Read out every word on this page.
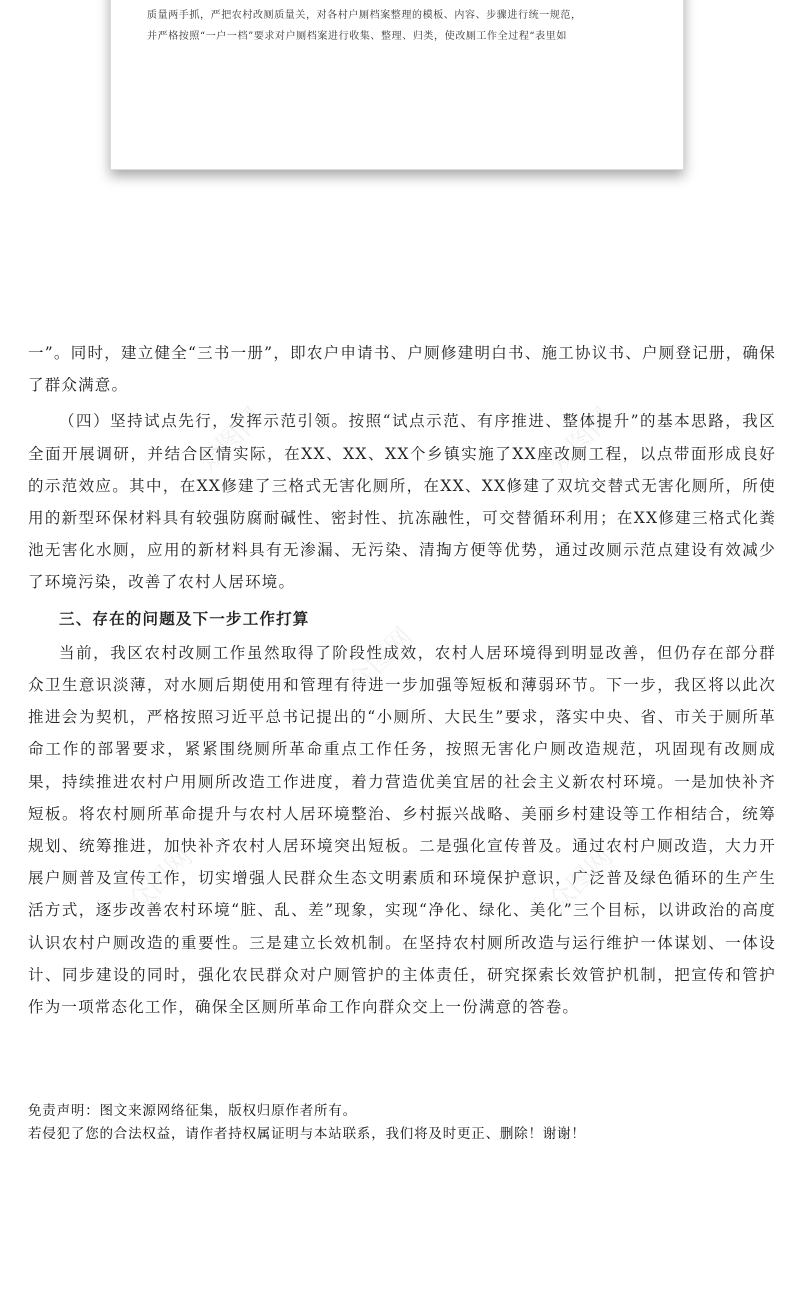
众图网	众图网
众图网
众图网	众图网
质量两手抓，严把农村改厕质量关，对各村户厕档案整理的模板、内容、步骤进行统一规范，
并严格按照“一户一档”要求对户厕档案进行收集、整理、归类，使改厕工作全过程“表里如

一”。同时，建立健全“三书一册”，即农户申请书、户厕修建明白书、施工协议书、户厕登记册，确保了群众满意。

（四）坚持试点先行，发挥示范引领。按照“试点示范、有序推进、整体提升”的基本思路，我区全面开展调研，并结合区情实际，在XX、XX、XX个乡镇实施了XX座改厕工程，以点带面形成良好的示范效应。其中，在XX修建了三格式无害化厕所，在XX、XX修建了双坑交替式无害化厕所，所使用的新型环保材料具有较强防腐耐碱性、密封性、抗冻融性，可交替循环利用；在XX修建三格式化粪池无害化水厕，应用的新材料具有无渗漏、无污染、清掏方便等优势，通过改厕示范点建设有效减少了环境污染，改善了农村人居环境。

三、存在的问题及下一步工作打算

当前，我区农村改厕工作虽然取得了阶段性成效，农村人居环境得到明显改善，但仍存在部分群众卫生意识淡薄，对水厕后期使用和管理有待进一步加强等短板和薄弱环节。下一步，我区将以此次推进会为契机，严格按照习近平总书记提出的“小厕所、大民生”要求，落实中央、省、市关于厕所革命工作的部署要求，紧紧围绕厕所革命重点工作任务，按照无害化户厕改造规范，巩固现有改厕成果，持续推进农村户用厕所改造工作进度，着力营造优美宜居的社会主义新农村环境。一是加快补齐短板。将农村厕所革命提升与农村人居环境整治、乡村振兴战略、美丽乡村建设等工作相结合，统筹规划、统筹推进，加快补齐农村人居环境突出短板。二是强化宣传普及。通过农村户厕改造，大力开展户厕普及宣传工作，切实增强人民群众生态文明素质和环境保护意识，广泛普及绿色循环的生产生活方式，逐步改善农村环境“脏、乱、差”现象，实现“净化、绿化、美化”三个目标，以讲政治的高度认识农村户厕改造的重要性。三是建立长效机制。在坚持农村厕所改造与运行维护一体谋划、一体设计、同步建设的同时，强化农民群众对户厕管护的主体责任，研究探索长效管护机制，把宣传和管护作为一项常态化工作，确保全区厕所革命工作向群众交上一份满意的答卷。

免责声明：图文来源网络征集，版权归原作者所有。
若侵犯了您的合法权益，请作者持权属证明与本站联系，我们将及时更正、删除！谢谢！
